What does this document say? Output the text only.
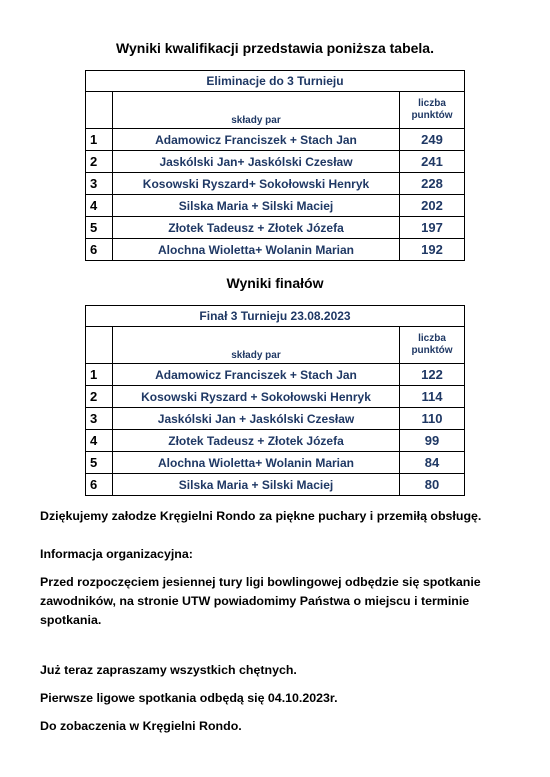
Wyniki kwalifikacji przedstawia poniższa tabela.
Eliminacje do 3 Turnieju		
	składy par	liczba punktów
1	Adamowicz Franciszek + Stach Jan	249
2	Jaskólski Jan+ Jaskólski Czesław	241
3	Kosowski Ryszard+ Sokołowski Henryk	228
4	Silska Maria + Silski Maciej	202
5	Złotek Tadeusz + Złotek Józefa	197
6	Alochna Wioletta+ Wolanin Marian	192
Wyniki finałów
Finał 3 Turnieju 23.08.2023		
	składy par	liczba punktów
1	Adamowicz Franciszek + Stach Jan	122
2	Kosowski Ryszard + Sokołowski Henryk	114
3	Jaskólski Jan + Jaskólski Czesław	110
4	Złotek Tadeusz + Złotek Józefa	99
5	Alochna Wioletta+ Wolanin Marian	84
6	Silska Maria + Silski Maciej	80
Dziękujemy załodze Kręgielni Rondo za piękne puchary i przemiłą obsługę.
Informacja organizacyjna:
Przed rozpoczęciem jesiennej tury ligi bowlingowej odbędzie się spotkanie zawodników, na stronie UTW powiadomimy Państwa o miejscu i terminie spotkania.
Już teraz zapraszamy wszystkich chętnych.
Pierwsze ligowe spotkania odbędą się 04.10.2023r.
Do zobaczenia w Kręgielni Rondo.
